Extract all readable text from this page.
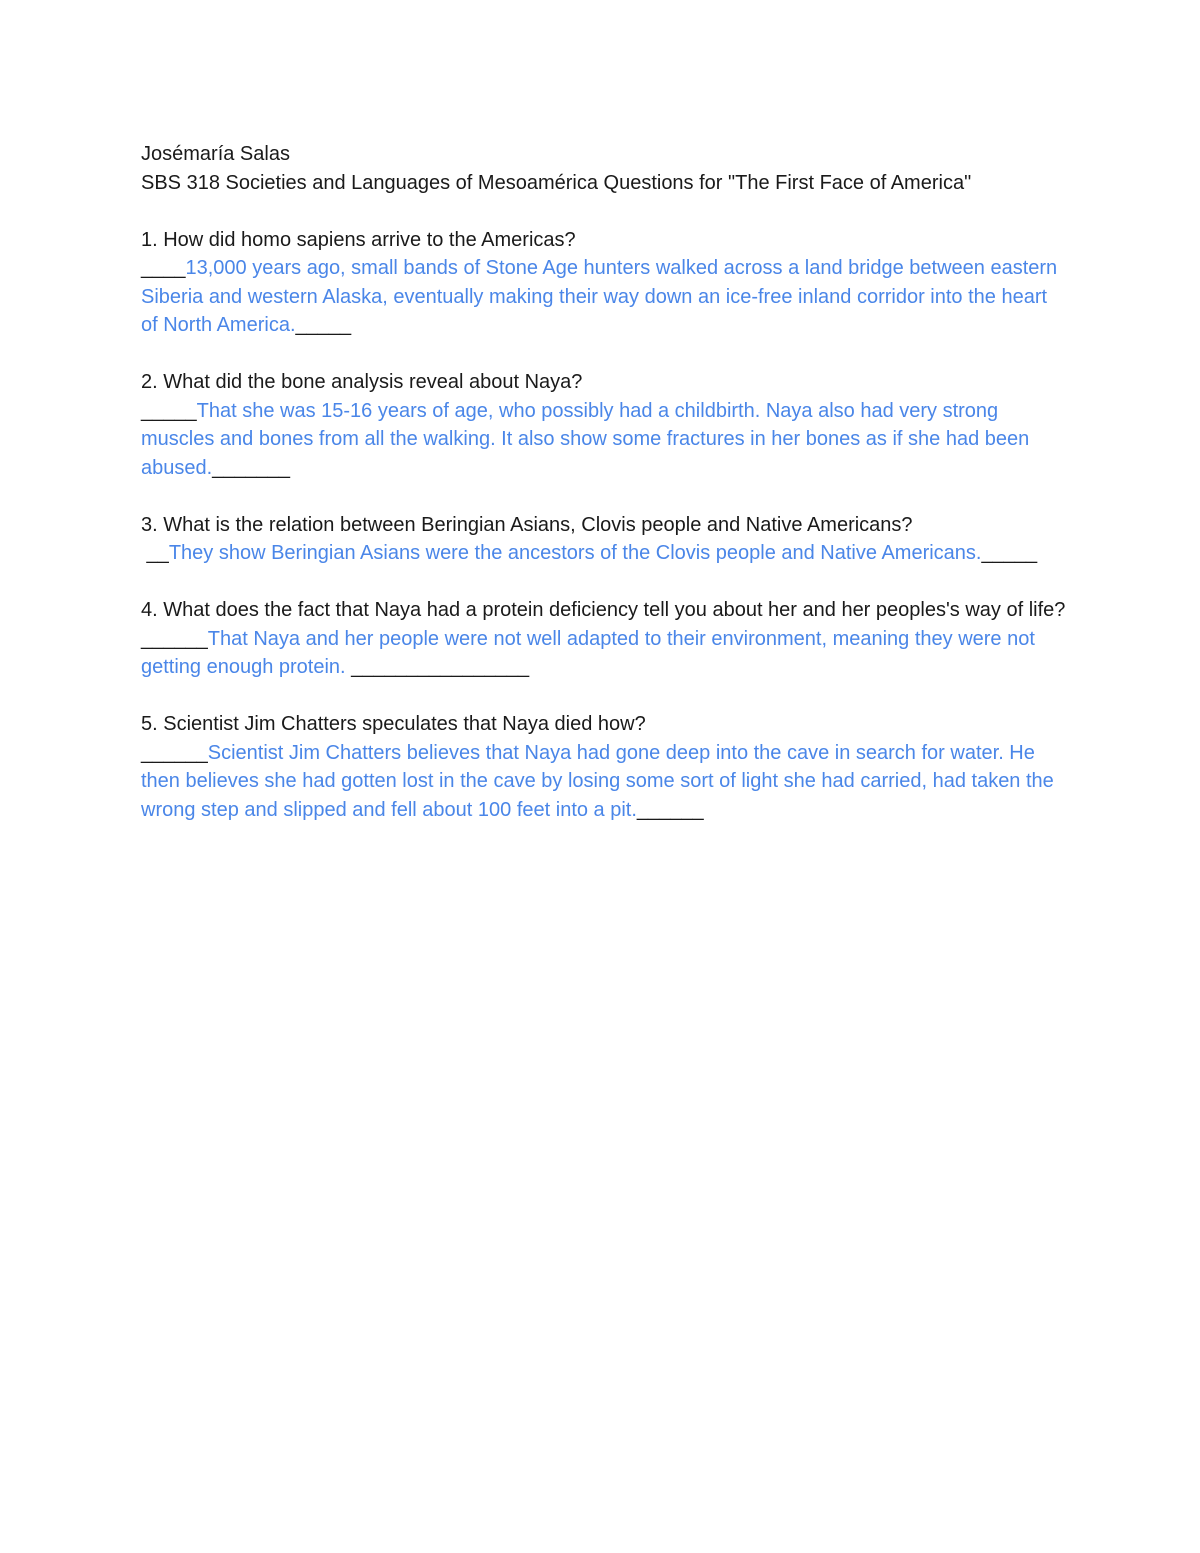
Josémaría Salas

SBS 318 Societies and Languages of Mesoamérica Questions for "The First Face of America"

1. How did homo sapiens arrive to the Americas?

____13,000 years ago, small bands of Stone Age hunters walked across a land bridge between eastern Siberia and western Alaska, eventually making their way down an ice-free inland corridor into the heart of North America._____

2. What did the bone analysis reveal about Naya?

_____That she was 15-16 years of age, who possibly had a childbirth. Naya also had very strong muscles and bones from all the walking. It also show some fractures in her bones as if she had been abused._______

3. What is the relation between Beringian Asians, Clovis people and Native Americans?

__They show Beringian Asians were the ancestors of the Clovis people and Native Americans._____

4. What does the fact that Naya had a protein deficiency tell you about her and her peoples's way of life?

______That Naya and her people were not well adapted to their environment, meaning they were not getting enough protein. ________________

5. Scientist Jim Chatters speculates that Naya died how?

______Scientist Jim Chatters believes that Naya had gone deep into the cave in search for water. He then believes she had gotten lost in the cave by losing some sort of light she had carried, had taken the wrong step and slipped and fell about 100 feet into a pit.______
